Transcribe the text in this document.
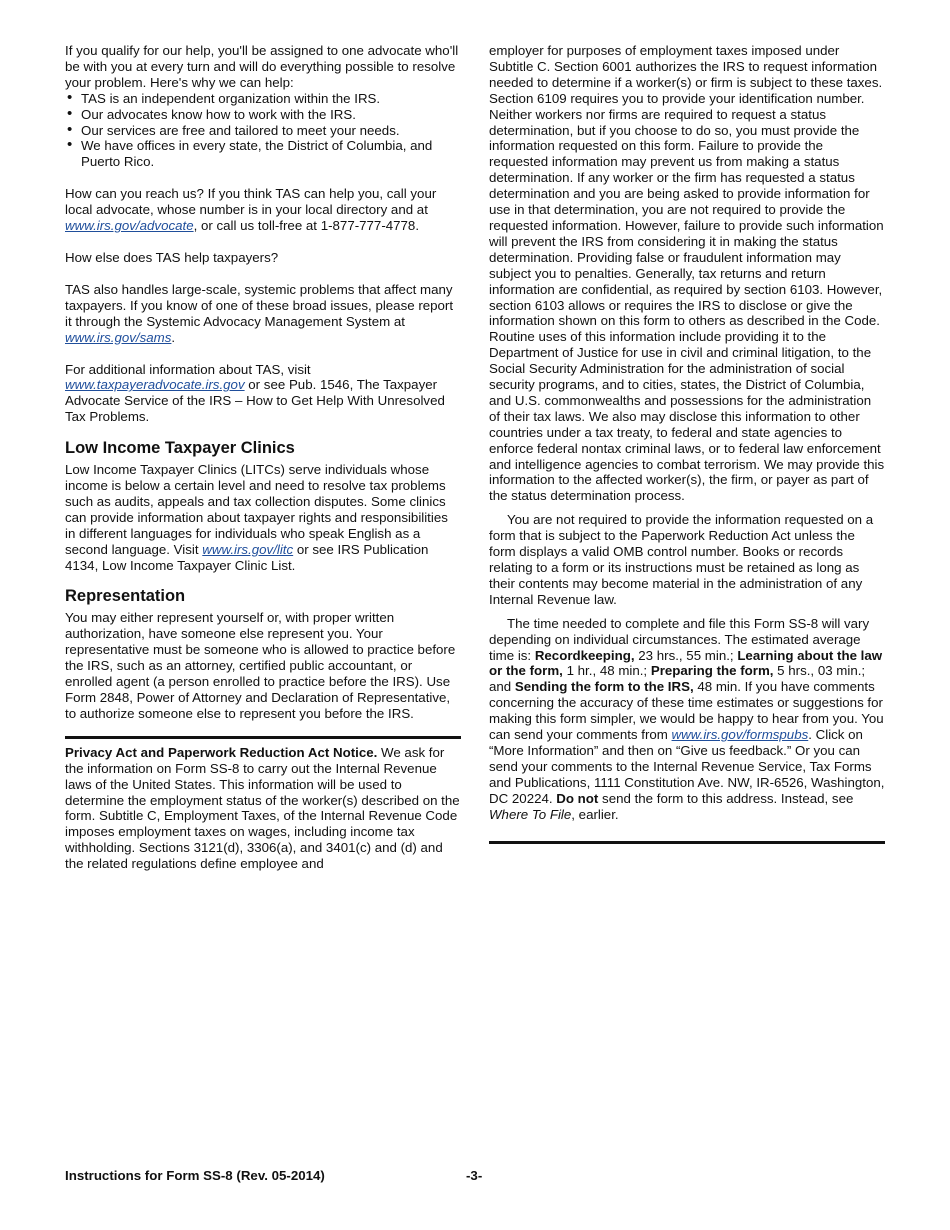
If you qualify for our help, you'll be assigned to one advocate who'll be with you at every turn and will do everything possible to resolve your problem. Here's why we can help:

• TAS is an independent organization within the IRS.
• Our advocates know how to work with the IRS.
• Our services are free and tailored to meet your needs.
• We have offices in every state, the District of Columbia, and Puerto Rico.

How can you reach us? If you think TAS can help you, call your local advocate, whose number is in your local directory and at www.irs.gov/advocate, or call us toll-free at 1-877-777-4778.

How else does TAS help taxpayers?

TAS also handles large-scale, systemic problems that affect many taxpayers. If you know of one of these broad issues, please report it through the Systemic Advocacy Management System at www.irs.gov/sams.

For additional information about TAS, visit www.taxpayeradvocate.irs.gov or see Pub. 1546, The Taxpayer Advocate Service of the IRS – How to Get Help With Unresolved Tax Problems.

Low Income Taxpayer Clinics

Low Income Taxpayer Clinics (LITCs) serve individuals whose income is below a certain level and need to resolve tax problems such as audits, appeals and tax collection disputes. Some clinics can provide information about taxpayer rights and responsibilities in different languages for individuals who speak English as a second language. Visit www.irs.gov/litc or see IRS Publication 4134, Low Income Taxpayer Clinic List.

Representation

You may either represent yourself or, with proper written authorization, have someone else represent you. Your representative must be someone who is allowed to practice before the IRS, such as an attorney, certified public accountant, or enrolled agent (a person enrolled to practice before the IRS). Use Form 2848, Power of Attorney and Declaration of Representative, to authorize someone else to represent you before the IRS.

Privacy Act and Paperwork Reduction Act Notice. We ask for the information on Form SS-8 to carry out the Internal Revenue laws of the United States. This information will be used to determine the employment status of the worker(s) described on the form. Subtitle C, Employment Taxes, of the Internal Revenue Code imposes employment taxes on wages, including income tax withholding. Sections 3121(d), 3306(a), and 3401(c) and (d) and the related regulations define employee and

employer for purposes of employment taxes imposed under Subtitle C. Section 6001 authorizes the IRS to request information needed to determine if a worker(s) or firm is subject to these taxes. Section 6109 requires you to provide your identification number. Neither workers nor firms are required to request a status determination, but if you choose to do so, you must provide the information requested on this form. Failure to provide the requested information may prevent us from making a status determination. If any worker or the firm has requested a status determination and you are being asked to provide information for use in that determination, you are not required to provide the requested information. However, failure to provide such information will prevent the IRS from considering it in making the status determination. Providing false or fraudulent information may subject you to penalties. Generally, tax returns and return information are confidential, as required by section 6103. However, section 6103 allows or requires the IRS to disclose or give the information shown on this form to others as described in the Code. Routine uses of this information include providing it to the Department of Justice for use in civil and criminal litigation, to the Social Security Administration for the administration of social security programs, and to cities, states, the District of Columbia, and U.S. commonwealths and possessions for the administration of their tax laws. We also may disclose this information to other countries under a tax treaty, to federal and state agencies to enforce federal nontax criminal laws, or to federal law enforcement and intelligence agencies to combat terrorism. We may provide this information to the affected worker(s), the firm, or payer as part of the status determination process.

You are not required to provide the information requested on a form that is subject to the Paperwork Reduction Act unless the form displays a valid OMB control number. Books or records relating to a form or its instructions must be retained as long as their contents may become material in the administration of any Internal Revenue law.

The time needed to complete and file this Form SS-8 will vary depending on individual circumstances. The estimated average time is: Recordkeeping, 23 hrs., 55 min.; Learning about the law or the form, 1 hr., 48 min.; Preparing the form, 5 hrs., 03 min.; and Sending the form to the IRS, 48 min. If you have comments concerning the accuracy of these time estimates or suggestions for making this form simpler, we would be happy to hear from you. You can send your comments from www.irs.gov/formspubs. Click on “More Information” and then on “Give us feedback.” Or you can send your comments to the Internal Revenue Service, Tax Forms and Publications, 1111 Constitution Ave. NW, IR-6526, Washington, DC 20224. Do not send the form to this address. Instead, see Where To File, earlier.

Instructions for Form SS-8 (Rev. 05-2014)	-3-
